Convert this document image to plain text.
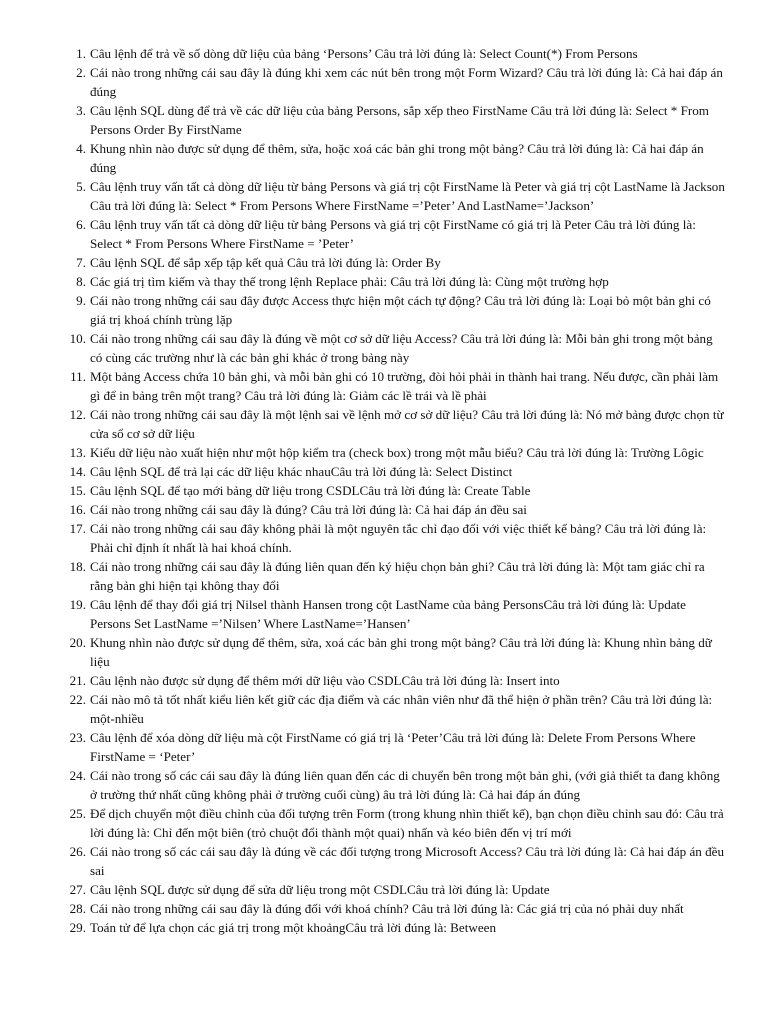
1. Câu lệnh để trả về số dòng dữ liệu của bảng ‘Persons’ Câu trả lời đúng là: Select Count(*) From Persons
2. Cái nào trong những cái sau đây là đúng khi xem các nút bên trong một Form Wizard? Câu trả lời đúng là: Cả hai đáp án đúng
3. Câu lệnh SQL dùng để trả về các dữ liệu của bảng Persons, sắp xếp theo FirstName Câu trả lời đúng là: Select * From Persons Order By FirstName
4. Khung nhìn nào được sử dụng để thêm, sửa, hoặc xoá các bản ghi trong một bảng? Câu trả lời đúng là: Cả hai đáp án đúng
5. Câu lệnh truy vấn tất cả dòng dữ liệu từ bảng Persons và giá trị cột FirstName là Peter và giá trị cột LastName là Jackson Câu trả lời đúng là: Select * From Persons Where FirstName =’Peter’ And LastName=’Jackson’
6. Câu lệnh truy vấn tất cả dòng dữ liệu từ bảng Persons và giá trị cột FirstName có giá trị là Peter Câu trả lời đúng là: Select * From Persons Where FirstName = ’Peter’
7. Câu lệnh SQL để sắp xếp tập kết quả Câu trả lời đúng là: Order By
8. Các giá trị tìm kiếm và thay thế trong lệnh Replace phải: Câu trả lời đúng là: Cùng một trường hợp
9. Cái nào trong những cái sau đây được Access thực hiện một cách tự động? Câu trả lời đúng là: Loại bỏ một bản ghi có giá trị khoá chính trùng lặp
10. Cái nào trong những cái sau đây là đúng về một cơ sở dữ liệu Access? Câu trả lời đúng là: Mỗi bản ghi trong một bảng có cùng các trường như là các bản ghi khác ở trong bảng này
11. Một bảng Access chứa 10 bản ghi, và mỗi bản ghi có 10 trường, đòi hỏi phải in thành hai trang. Nếu được, cần phải làm gì để in bảng trên một trang? Câu trả lời đúng là: Giảm các lề trái và lề phải
12. Cái nào trong những cái sau đây là một lệnh sai về lệnh mở cơ sở dữ liệu? Câu trả lời đúng là: Nó mở bảng được chọn từ cửa sổ cơ sở dữ liệu
13. Kiểu dữ liệu nào xuất hiện như một hộp kiểm tra (check box) trong một mẫu biểu? Câu trả lời đúng là: Trường Lôgic
14. Câu lệnh SQL để trả lại các dữ liệu khác nhauCâu trả lời đúng là: Select Distinct
15. Câu lệnh SQL để tạo mới bảng dữ liệu trong CSDLCâu trả lời đúng là: Create Table
16. Cái nào trong những cái sau đây là đúng? Câu trả lời đúng là: Cả hai đáp án đều sai
17. Cái nào trong những cái sau đây không phải là một nguyên tắc chỉ đạo đối với việc thiết kế bảng? Câu trả lời đúng là: Phải chỉ định ít nhất là hai khoá chính.
18. Cái nào trong những cái sau đây là đúng liên quan đến ký hiệu chọn bản ghi? Câu trả lời đúng là: Một tam giác chỉ ra rằng bản ghi hiện tại không thay đổi
19. Câu lệnh để thay đổi giá trị Nilsel thành Hansen trong cột LastName của bảng PersonsCâu trả lời đúng là: Update Persons Set LastName =’Nilsen’ Where LastName=’Hansen’
20. Khung nhìn nào được sử dụng để thêm, sửa, xoá các bản ghi trong một bảng? Câu trả lời đúng là: Khung nhìn bảng dữ liệu
21. Câu lệnh nào được sử dụng để thêm mới dữ liệu vào CSDLCâu trả lời đúng là: Insert into
22. Cái nào mô tả tốt nhất kiểu liên kết giữ các địa điểm và các nhân viên như đã thể hiện ở phần trên? Câu trả lời đúng là: một-nhiều
23. Câu lệnh để xóa dòng dữ liệu mà cột FirstName có giá trị là ‘Peter’Câu trả lời đúng là: Delete From Persons Where FirstName = ‘Peter’
24. Cái nào trong số các cái sau đây là đúng liên quan đến các di chuyển bên trong một bản ghi, (với giả thiết ta đang không ở trường thứ nhất cũng không phải ở trường cuối cùng) âu trả lời đúng là: Cả hai đáp án đúng
25. Để dịch chuyển một điều chỉnh của đối tượng trên Form (trong khung nhìn thiết kế), bạn chọn điều chỉnh sau đó: Câu trả lời đúng là: Chỉ đến một biên (trỏ chuột đổi thành một quai) nhấn và kéo biên đến vị trí mới
26. Cái nào trong số các cái sau đây là đúng về các đối tượng trong Microsoft Access? Câu trả lời đúng là: Cả hai đáp án đều sai
27. Câu lệnh SQL được sử dụng để sửa dữ liệu trong một CSDLCâu trả lời đúng là: Update
28. Cái nào trong những cái sau đây là đúng đối với khoá chính? Câu trả lời đúng là: Các giá trị của nó phải duy nhất
29. Toán tử để lựa chọn các giá trị trong một khoảngCâu trả lời đúng là: Between
